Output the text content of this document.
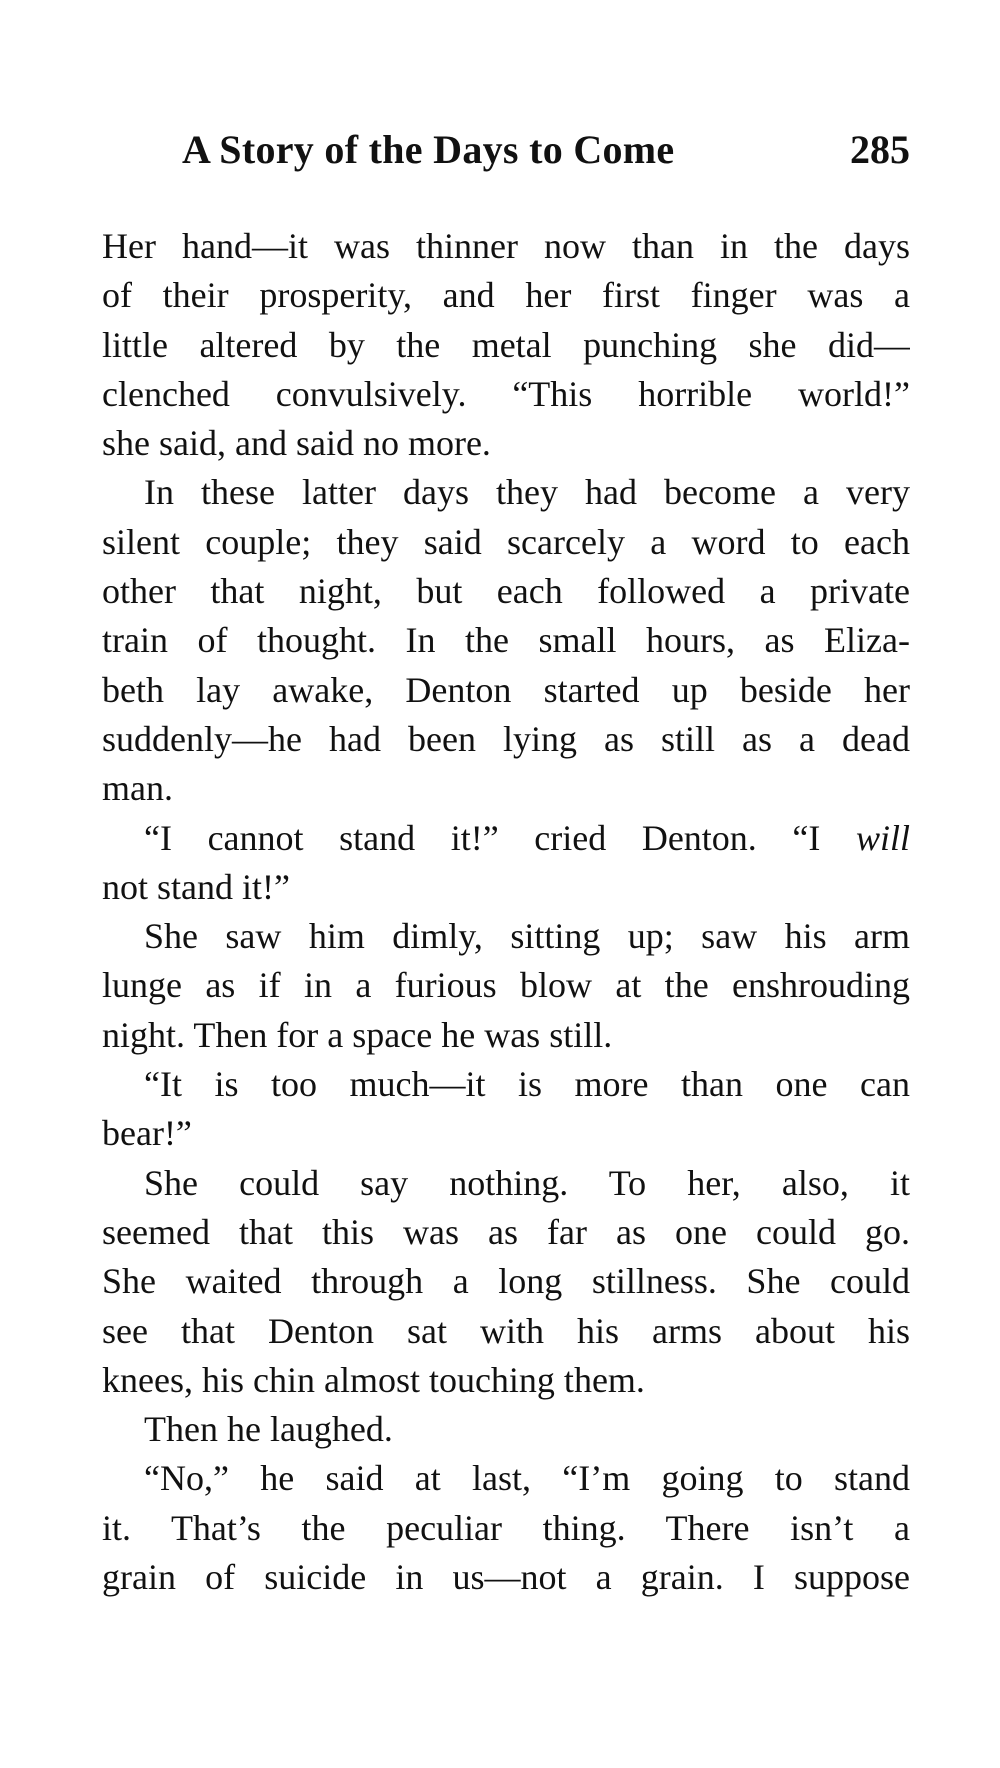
A Story of the Days to Come	285
Her hand—it was thinner now than in the days
of their prosperity, and her first finger was a
little altered by the metal punching she did—
clenched convulsively. “This horrible world!”
she said, and said no more.
In these latter days they had become a very
silent couple; they said scarcely a word to each
other that night, but each followed a private
train of thought. In the small hours, as Eliza-
beth lay awake, Denton started up beside her
suddenly—he had been lying as still as a dead
man.
“I cannot stand it!” cried Denton. “I will
not stand it!”
She saw him dimly, sitting up; saw his arm
lunge as if in a furious blow at the enshrouding
night. Then for a space he was still.
“It is too much—it is more than one can
bear!”
She could say nothing. To her, also, it
seemed that this was as far as one could go.
She waited through a long stillness. She could
see that Denton sat with his arms about his
knees, his chin almost touching them.
Then he laughed.
“No,” he said at last, “I’m going to stand
it. That’s the peculiar thing. There isn’t a
grain of suicide in us—not a grain. I suppose
